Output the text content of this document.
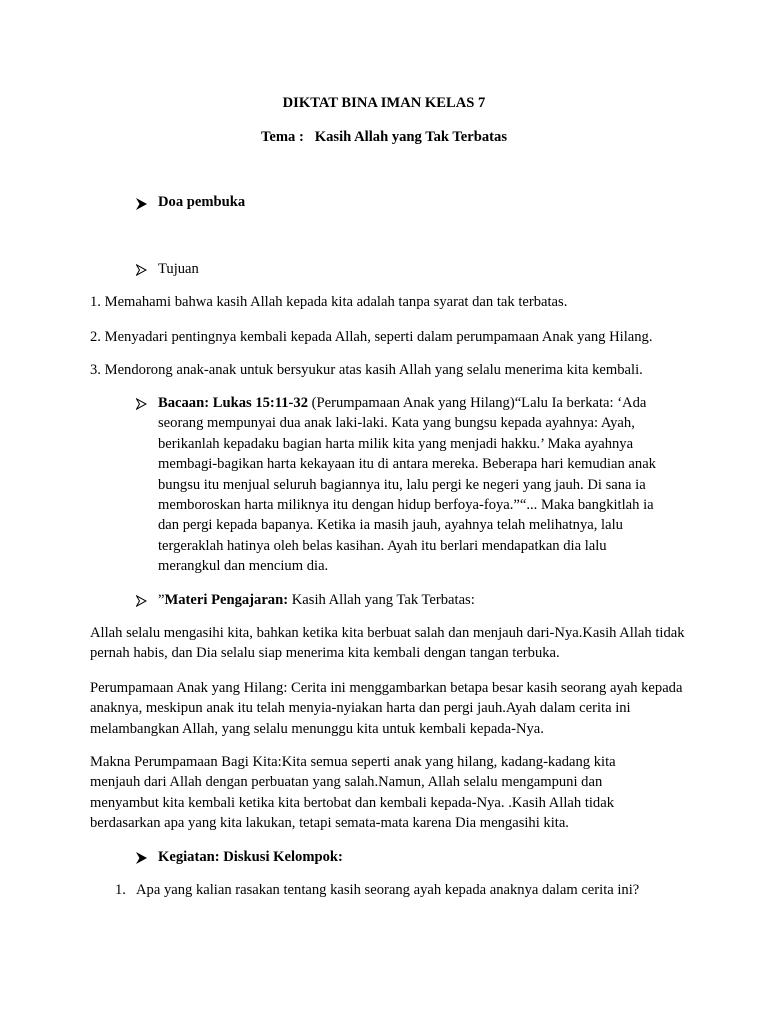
DIKTAT BINA IMAN KELAS 7
Tema : Kasih Allah yang Tak Terbatas
Doa pembuka
Tujuan
1. Memahami bahwa kasih Allah kepada kita adalah tanpa syarat dan tak terbatas.
2. Menyadari pentingnya kembali kepada Allah, seperti dalam perumpamaan Anak yang Hilang.
3. Mendorong anak-anak untuk bersyukur atas kasih Allah yang selalu menerima kita kembali.
Bacaan: Lukas 15:11-32 (Perumpamaan Anak yang Hilang)“Lalu Ia berkata: ‘Ada seorang mempunyai dua anak laki-laki. Kata yang bungsu kepada ayahnya: Ayah, berikanlah kepadaku bagian harta milik kita yang menjadi hakku.’ Maka ayahnya membagi-bagikan harta kekayaan itu di antara mereka. Beberapa hari kemudian anak bungsu itu menjual seluruh bagiannya itu, lalu pergi ke negeri yang jauh. Di sana ia memboroskan harta miliknya itu dengan hidup berfoya-foya.”“... Maka bangkitlah ia dan pergi kepada bapanya. Ketika ia masih jauh, ayahnya telah melihatnya, lalu tergeraklah hatinya oleh belas kasihan. Ayah itu berlari mendapatkan dia lalu merangkul dan mencium dia.
”Materi Pengajaran: Kasih Allah yang Tak Terbatas:
Allah selalu mengasihi kita, bahkan ketika kita berbuat salah dan menjauh dari-Nya.Kasih Allah tidak pernah habis, dan Dia selalu siap menerima kita kembali dengan tangan terbuka.
Perumpamaan Anak yang Hilang: Cerita ini menggambarkan betapa besar kasih seorang ayah kepada anaknya, meskipun anak itu telah menyia-nyiakan harta dan pergi jauh.Ayah dalam cerita ini melambangkan Allah, yang selalu menunggu kita untuk kembali kepada-Nya.
Makna Perumpamaan Bagi Kita:Kita semua seperti anak yang hilang, kadang-kadang kita menjauh dari Allah dengan perbuatan yang salah.Namun, Allah selalu mengampuni dan menyambut kita kembali ketika kita bertobat dan kembali kepada-Nya. .Kasih Allah tidak berdasarkan apa yang kita lakukan, tetapi semata-mata karena Dia mengasihi kita.
Kegiatan: Diskusi Kelompok:
1. Apa yang kalian rasakan tentang kasih seorang ayah kepada anaknya dalam cerita ini?
